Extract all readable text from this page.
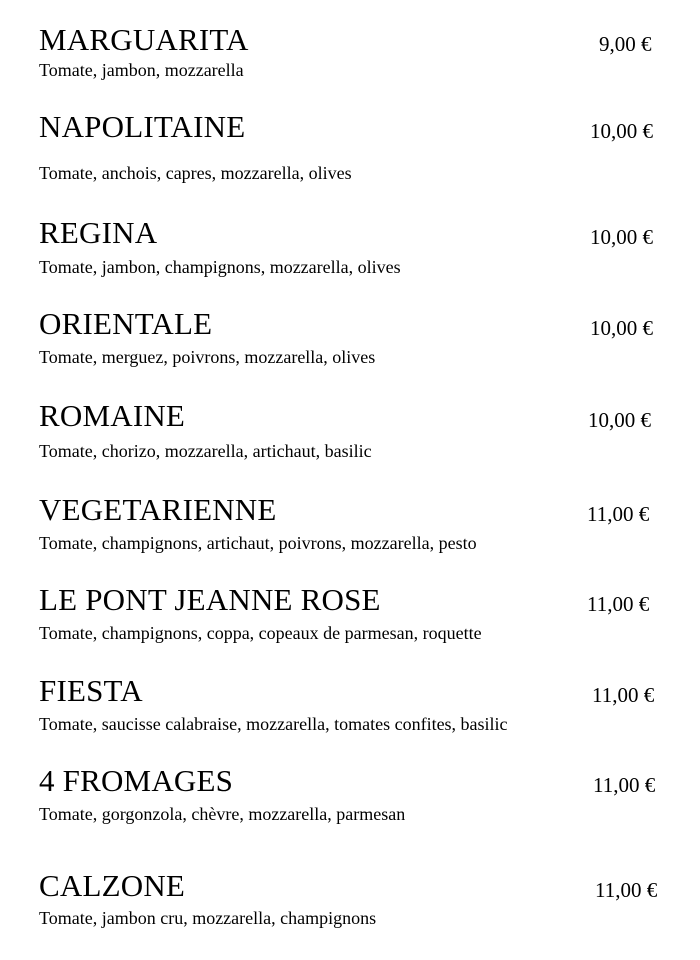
MARGUARITA	9,00 €
Tomate, jambon, mozzarella
NAPOLITAINE	10,00 €
Tomate, anchois, capres, mozzarella, olives
REGINA	10,00 €
Tomate, jambon, champignons, mozzarella, olives
ORIENTALE	10,00 €
Tomate, merguez, poivrons, mozzarella, olives
ROMAINE	10,00 €
Tomate, chorizo, mozzarella, artichaut, basilic
VEGETARIENNE	11,00 €
Tomate, champignons, artichaut, poivrons, mozzarella, pesto
LE PONT JEANNE ROSE	11,00 €
Tomate, champignons, coppa, copeaux de parmesan, roquette
FIESTA	11,00 €
Tomate, saucisse calabraise, mozzarella, tomates confites, basilic
4 FROMAGES	11,00 €
Tomate, gorgonzola, chèvre, mozzarella, parmesan
CALZONE	11,00 €
Tomate, jambon cru, mozzarella, champignons
